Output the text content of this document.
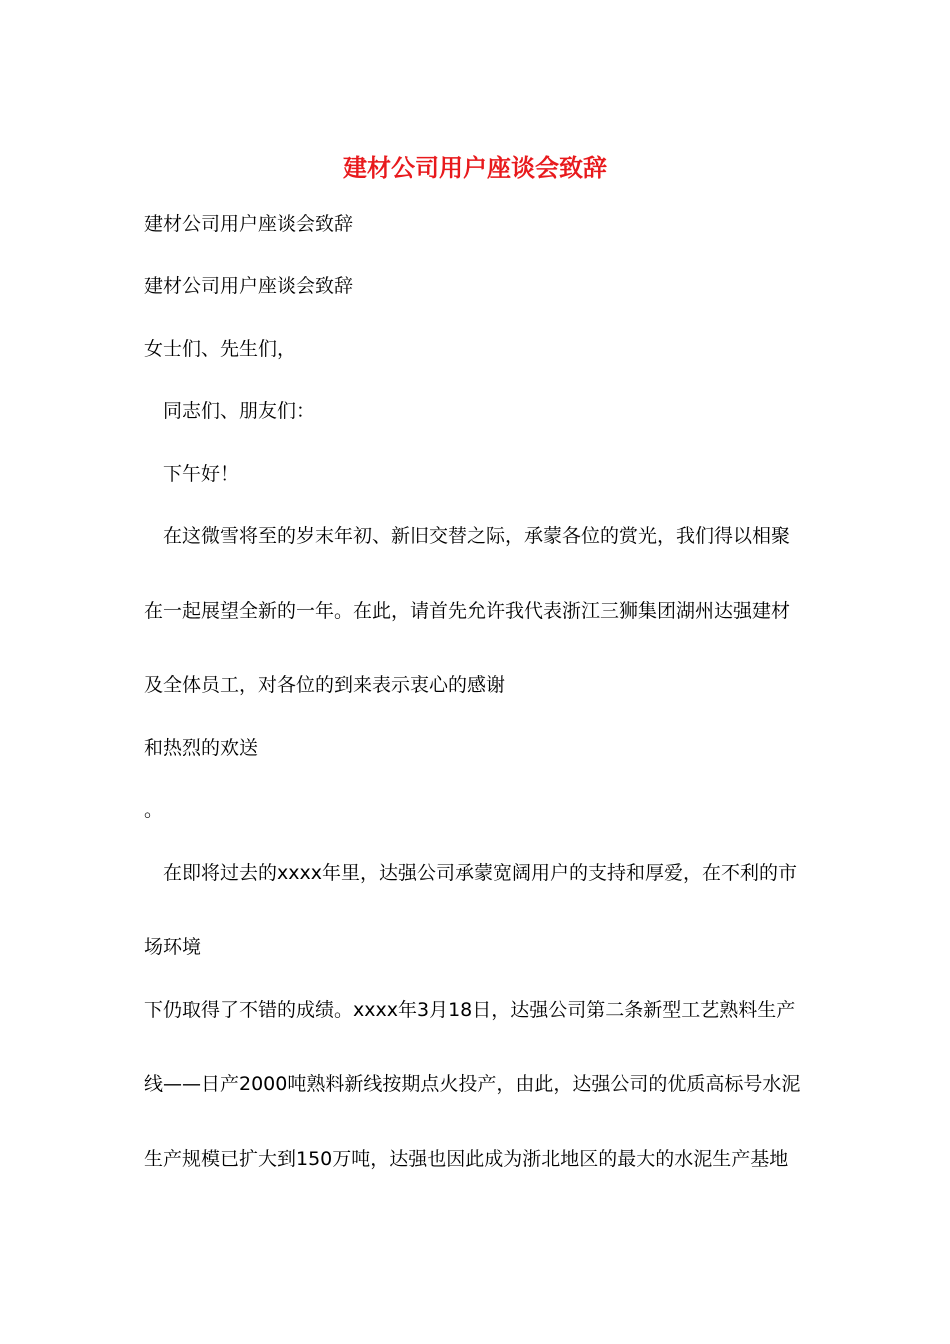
建材公司用户座谈会致辞
建材公司用户座谈会致辞
建材公司用户座谈会致辞
女士们、先生们，
同志们、朋友们：
下午好！
在这微雪将至的岁末年初、新旧交替之际，承蒙各位的赏光，我们得以相聚
在一起展望全新的一年。在此，请首先允许我代表浙江三狮集团湖州达强建材
及全体员工，对各位的到来表示衷心的感谢
和热烈的欢送
。
在即将过去的xxxx年里，达强公司承蒙宽阔用户的支持和厚爱，在不利的市
场环境
下仍取得了不错的成绩。xxxx年3月18日，达强公司第二条新型工艺熟料生产
线——日产2000吨熟料新线按期点火投产，由此，达强公司的优质高标号水泥
生产规模已扩大到150万吨，达强也因此成为浙北地区的最大的水泥生产基地
